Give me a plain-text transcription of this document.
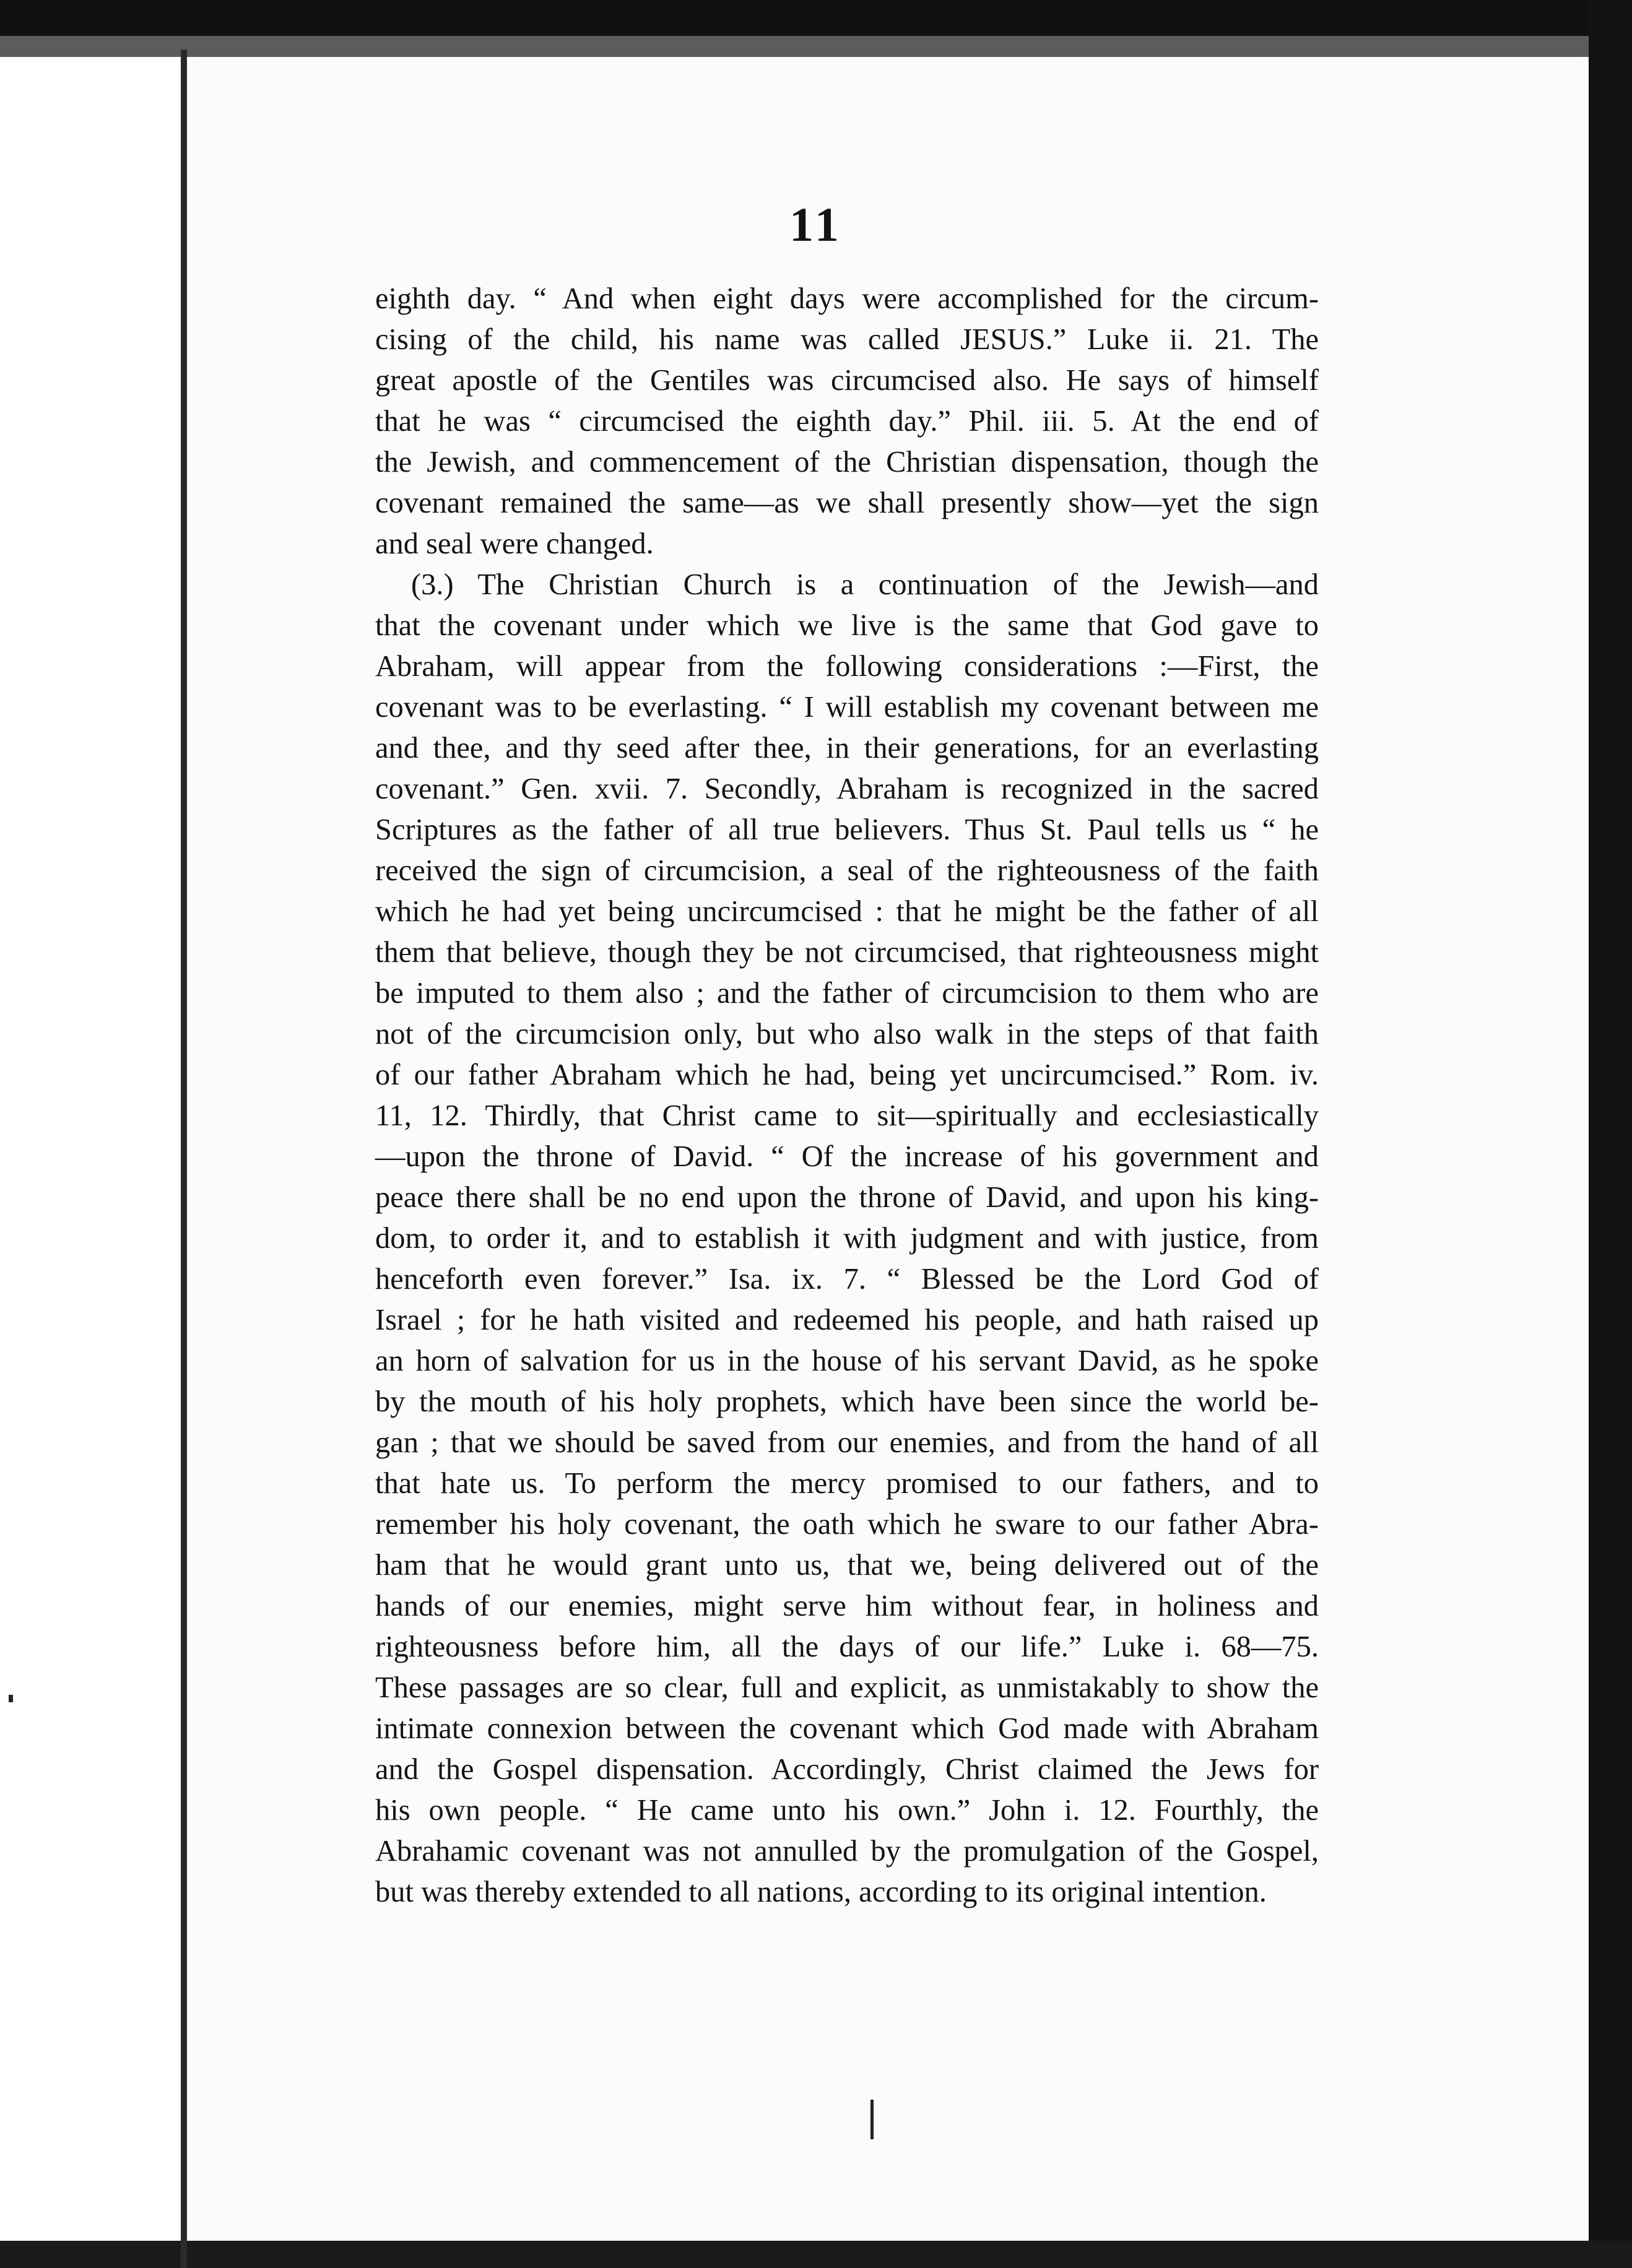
11
eighth day. “ And when eight days were accomplished for the circum-
cising of the child, his name was called JESUS.” Luke ii. 21. The
great apostle of the Gentiles was circumcised also. He says of himself
that he was “ circumcised the eighth day.” Phil. iii. 5. At the end of
the Jewish, and commencement of the Christian dispensation, though the
covenant remained the same—as we shall presently show—yet the sign
and seal were changed.
(3.) The Christian Church is a continuation of the Jewish—and
that the covenant under which we live is the same that God gave to
Abraham, will appear from the following considerations :—First, the
covenant was to be everlasting. “ I will establish my covenant between me
and thee, and thy seed after thee, in their generations, for an everlasting
covenant.” Gen. xvii. 7. Secondly, Abraham is recognized in the sacred
Scriptures as the father of all true believers. Thus St. Paul tells us “ he
received the sign of circumcision, a seal of the righteousness of the faith
which he had yet being uncircumcised : that he might be the father of all
them that believe, though they be not circumcised, that righteousness might
be imputed to them also ; and the father of circumcision to them who are
not of the circumcision only, but who also walk in the steps of that faith
of our father Abraham which he had, being yet uncircumcised.” Rom. iv.
11, 12. Thirdly, that Christ came to sit—spiritually and ecclesiastically
—upon the throne of David. “ Of the increase of his government and
peace there shall be no end upon the throne of David, and upon his king-
dom, to order it, and to establish it with judgment and with justice, from
henceforth even forever.” Isa. ix. 7. “ Blessed be the Lord God of
Israel ; for he hath visited and redeemed his people, and hath raised up
an horn of salvation for us in the house of his servant David, as he spoke
by the mouth of his holy prophets, which have been since the world be-
gan ; that we should be saved from our enemies, and from the hand of all
that hate us. To perform the mercy promised to our fathers, and to
remember his holy covenant, the oath which he sware to our father Abra-
ham that he would grant unto us, that we, being delivered out of the
hands of our enemies, might serve him without fear, in holiness and
righteousness before him, all the days of our life.” Luke i. 68—75.
These passages are so clear, full and explicit, as unmistakably to show the
intimate connexion between the covenant which God made with Abraham
and the Gospel dispensation. Accordingly, Christ claimed the Jews for
his own people. “ He came unto his own.” John i. 12. Fourthly, the
Abrahamic covenant was not annulled by the promulgation of the Gospel,
but was thereby extended to all nations, according to its original intention.
